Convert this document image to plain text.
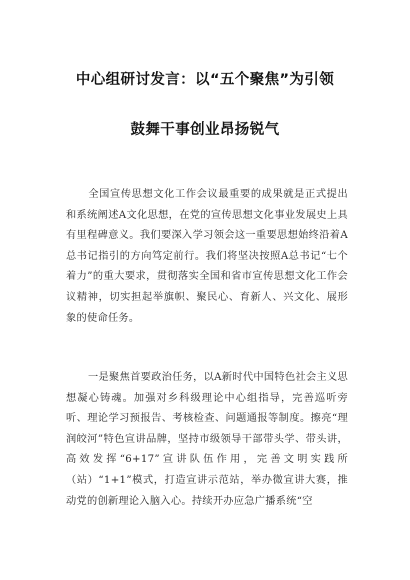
中心组研讨发言：以“五个聚焦”为引领
鼓舞干事创业昂扬锐气

全国宣传思想文化工作会议最重要的成果就是正式提出和系统阐述A文化思想，在党的宣传思想文化事业发展史上具有里程碑意义。我们要深入学习领会这一重要思想始终沿着A总书记指引的方向笃定前行。我们将坚决按照A总书记“七个着力”的重大要求，贯彻落实全国和省市宣传思想文化工作会议精神，切实担起举旗帜、聚民心、育新人、兴文化、展形象的使命任务。

一是聚焦首要政治任务，以A新时代中国特色社会主义思想凝心铸魂。加强对乡科级理论中心组指导，完善巡听旁听、理论学习预报告、考核检查、问题通报等制度。擦亮“理润皎河”特色宣讲品牌，坚持市级领导干部带头学、带头讲，高效发挥“6+17”宣讲队伍作用，完善文明实践所（站）“1+1”模式，打造宣讲示范站，举办微宣讲大赛，推动党的创新理论入脑入心。持续开办应急广播系统“空
